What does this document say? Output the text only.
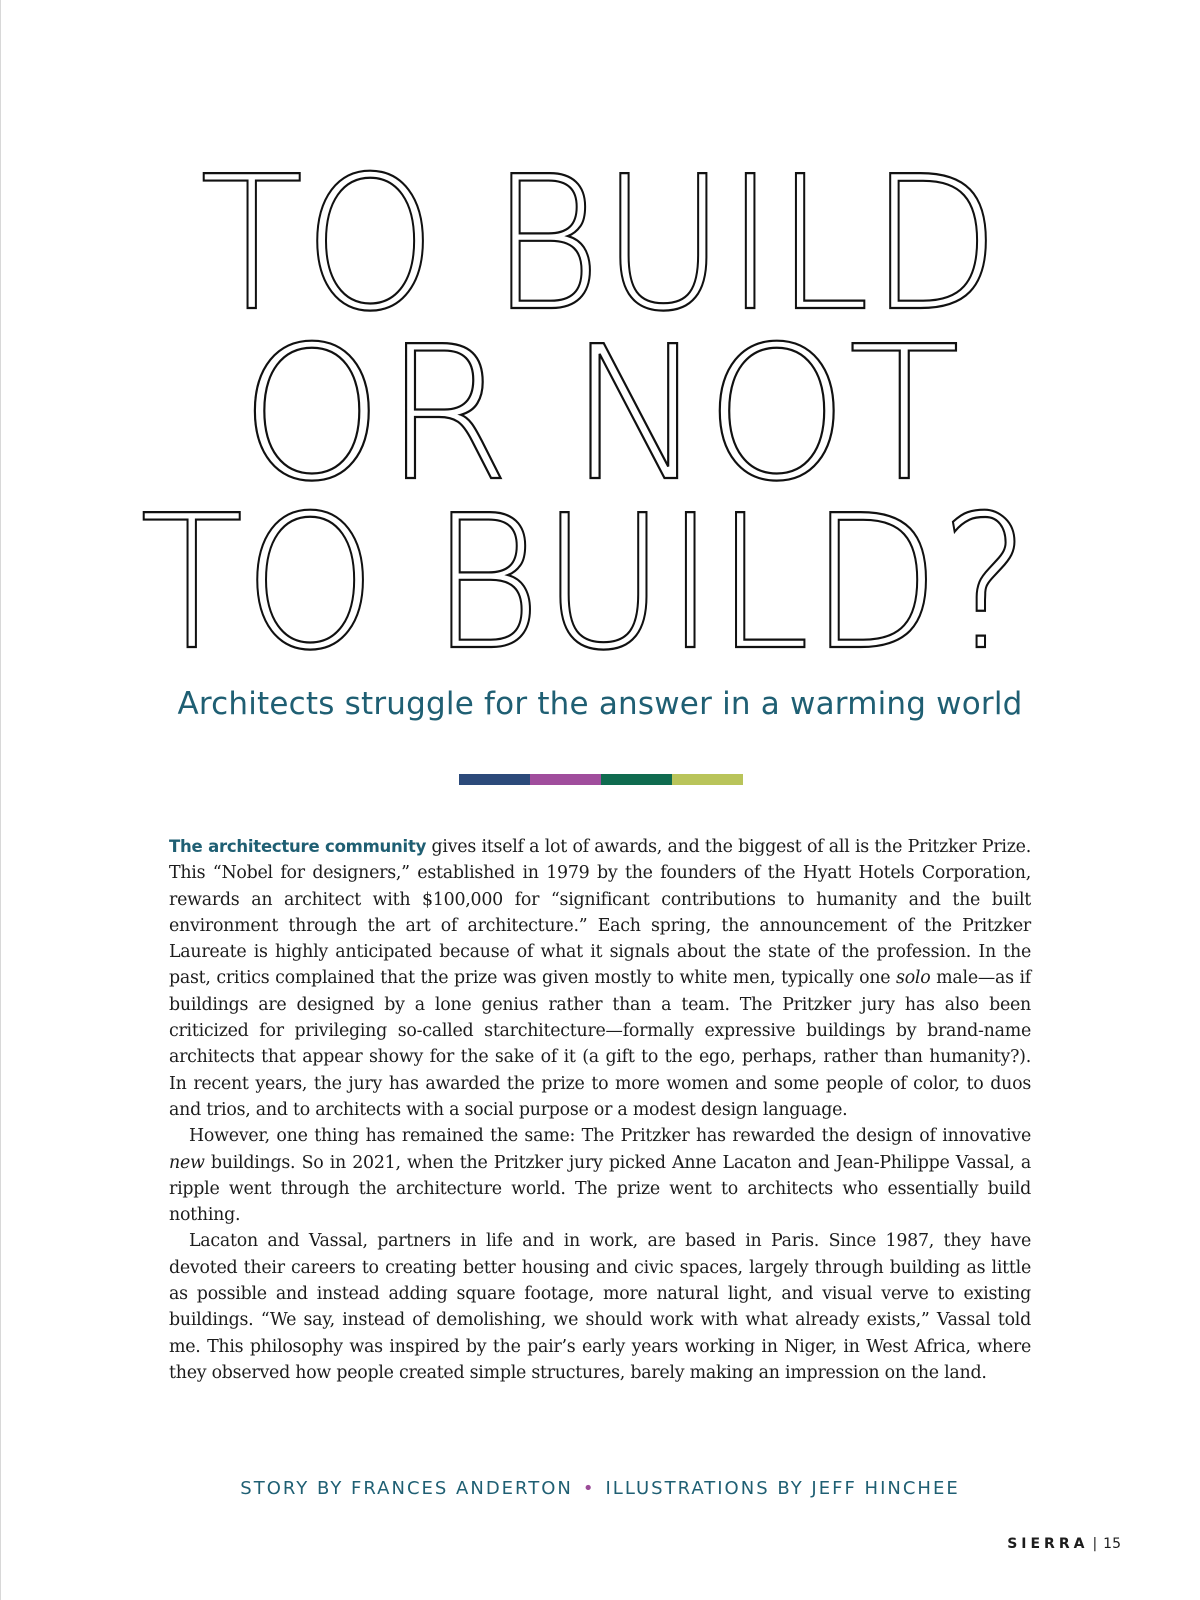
TO BUILD
OR NOT
TO BUILD?
Architects struggle for the answer in a warming world

The architecture community gives itself a lot of awards, and the biggest of all is the Pritzker Prize. This “Nobel for designers,” established in 1979 by the founders of the Hyatt Hotels Corporation, rewards an architect with $100,000 for “significant contributions to humanity and the built environment through the art of architecture.” Each spring, the announcement of the Pritzker Laureate is highly anticipated because of what it signals about the state of the profession. In the past, critics complained that the prize was given mostly to white men, typically one solo male—as if buildings are designed by a lone genius rather than a team. The Pritzker jury has also been criticized for privileging so-called starchitecture—formally expressive buildings by brand-name architects that appear showy for the sake of it (a gift to the ego, perhaps, rather than humanity?). In recent years, the jury has awarded the prize to more women and some people of color, to duos and trios, and to architects with a social purpose or a modest design language.

However, one thing has remained the same: The Pritzker has rewarded the design of innovative new buildings. So in 2021, when the Pritzker jury picked Anne Lacaton and Jean-Philippe Vassal, a ripple went through the architecture world. The prize went to architects who essentially build nothing.

Lacaton and Vassal, partners in life and in work, are based in Paris. Since 1987, they have devoted their careers to creating better housing and civic spaces, largely through building as little as possible and instead adding square footage, more natural light, and visual verve to existing buildings. “We say, instead of demolishing, we should work with what already exists,” Vassal told me. This philosophy was inspired by the pair’s early years working in Niger, in West Africa, where they observed how people created simple structures, barely making an impression on the land.

STORY BY FRANCES ANDERTON • ILLUSTRATIONS BY JEFF HINCHEE
SIERRA | 15
